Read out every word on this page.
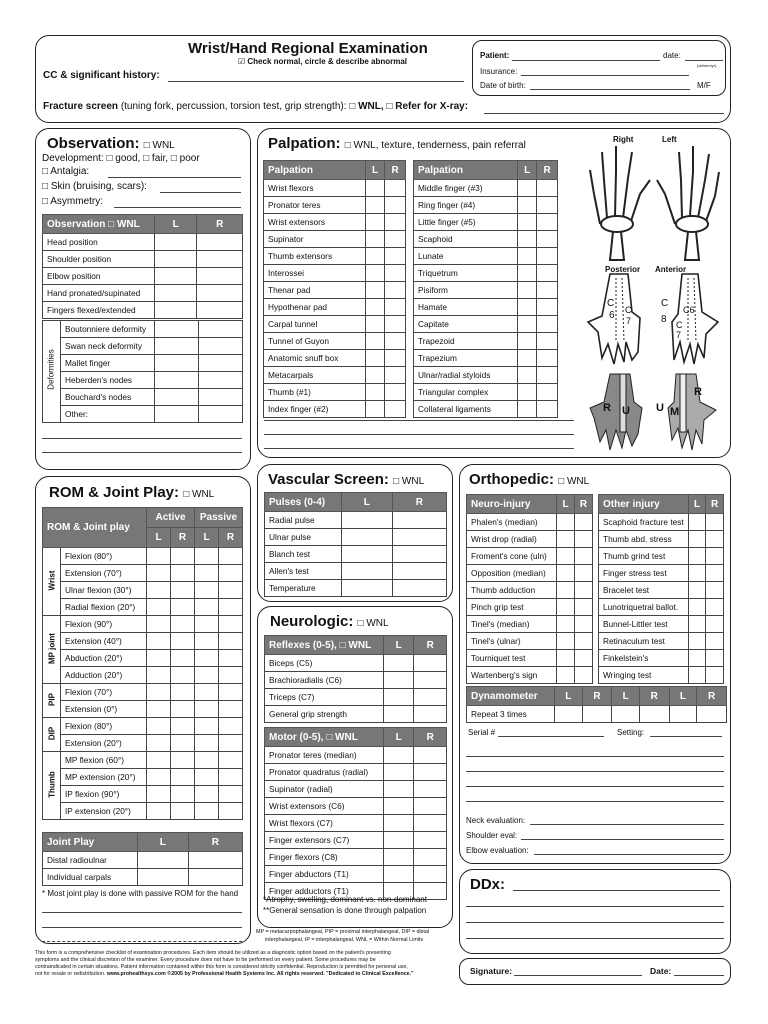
Wrist/Hand Regional Examination
☑ Check normal, circle & describe abnormal
CC & significant history:
Patient:	date:
(dd/mm/yr)
Insurance:
Date of birth:	M/F
Fracture screen (tuning fork, percussion, torsion test, grip strength): □ WNL, □ Refer for X-ray:
Observation: □ WNL
Development: □ good, □ fair, □ poor
□ Antalgia:
□ Skin (bruising, scars):
□ Asymmetry:
Observation □ WNL	L	R
Head position		
Shoulder position		
Elbow position		
Hand pronated/supinated		
Fingers flexed/extended		
Deformities	Boutonniere deformity		
	Swan neck deformity		
	Mallet finger		
	Heberden's nodes		
	Bouchard's nodes		
	Other:		
Palpation: □ WNL, texture, tenderness, pain referral
Palpation	L	R
Wrist flexors		
Pronator teres		
Wrist extensors		
Supinator		
Thumb extensors		
Interossei		
Thenar pad		
Hypothenar pad		
Carpal tunnel		
Tunnel of Guyon		
Anatomic snuff box		
Metacarpals		
Thumb (#1)		
Index finger (#2)		
Palpation	L	R
Middle finger (#3)		
Ring finger (#4)		
Little finger (#5)		
Scaphoid		
Lunate		
Triquetrum		
Pisiform		
Hamate		
Capitate		
Trapezoid		
Trapezium		
Ulnar/radial styloids		
Triangular complex		
Collateral ligaments		
Right	Left
Posterior Anterior
C
6 C
7
C
C6
8 C
7
R U U M
R
ROM & Joint Play: □ WNL
ROM & Joint play		Active		Passive	
		L	R	L	R

Wrist	Flexion (80°)				
	Extension (70°)				
	Ulnar flexion (30°)				
	Radial flexion (20°)				

MP joint	Flexion (90°)				
	Extension (40°)				
	Abduction (20°)				
	Adduction (20°)				

PIP	Flexion (70°)				
	Extension (0°)				

DIP	Flexion (80°)				
	Extension (20°)				

Thumb	MP flexion (60°)				
	MP extension (20°)				
	IP flexion (90°)				
	IP extension (20°)				
Joint Play	L	R
Distal radioulnar		
Individual carpals		
* Most joint play is done with passive ROM for the hand
Vascular Screen: □ WNL
Pulses (0-4)	L	R
Radial pulse		
Ulnar pulse		
Blanch test		
Allen's test		
Temperature		
Neurologic: □ WNL
Reflexes (0-5), □ WNL	L	R
Biceps (C5)		
Brachioradialis (C6)		
Triceps (C7)		
General grip strength		
Motor (0-5), □ WNL	L	R
Pronator teres (median)		
Pronator quadratus (radial)		
Supinator (radial)		
Wrist extensors (C6)		
Wrist flexors (C7)		
Finger extensors (C7)		
Finger flexors (C8)		
Finger abductors (T1)		
Finger adductors (T1)		
*Atrophy, swelling, dominant vs. non-dominant
**General sensation is done through palpation
MP = metacarpophalangeal, PIP = proximal interphalangeal, DIP = distal
interphalangeal, IP = interphalangeal, WNL = Within Normal Limits
Orthopedic: □ WNL
Neuro-injury	L	R
Phalen's (median)		
Wrist drop (radial)		
Froment's cone (uln)		
Opposition (median)		
Thumb adduction		
Pinch grip test		
Tinel's (median)		
Tinel's (ulnar)		
Tourniquet test		
Wartenberg's sign		
Other injury	L	R
Scaphoid fracture test		
Thumb abd. stress		
Thumb grind test		
Finger stress test		
Bracelet test		
Lunotriquetral ballot.		
Bunnel-Littler test		
Retinaculum test		
Finkelstein's		
Wringing test		
Dynamometer	L	R	L	R	L	R
Repeat 3 times						
Serial #	Setting:
Neck evaluation:
Shoulder eval:
Elbow evaluation:
DDx:
This form is a comprehensive checklist of examination procedures. Each item should be utilized as a diagnostic option based on the patient's presenting
symptoms and the clinical discretion of the examiner. Every procedure does not have to be performed on every patient. Some procedures may be
contraindicated in certain situations. Patient information contained within this form is considered strictly confidential. Reproduction is permitted for personal use,
not for resale or redistribution. www.prohealthsys.com ©2005 by Professional Health Systems Inc. All rights reserved. "Dedicated to Clinical Excellence."	Signature:	Date:
